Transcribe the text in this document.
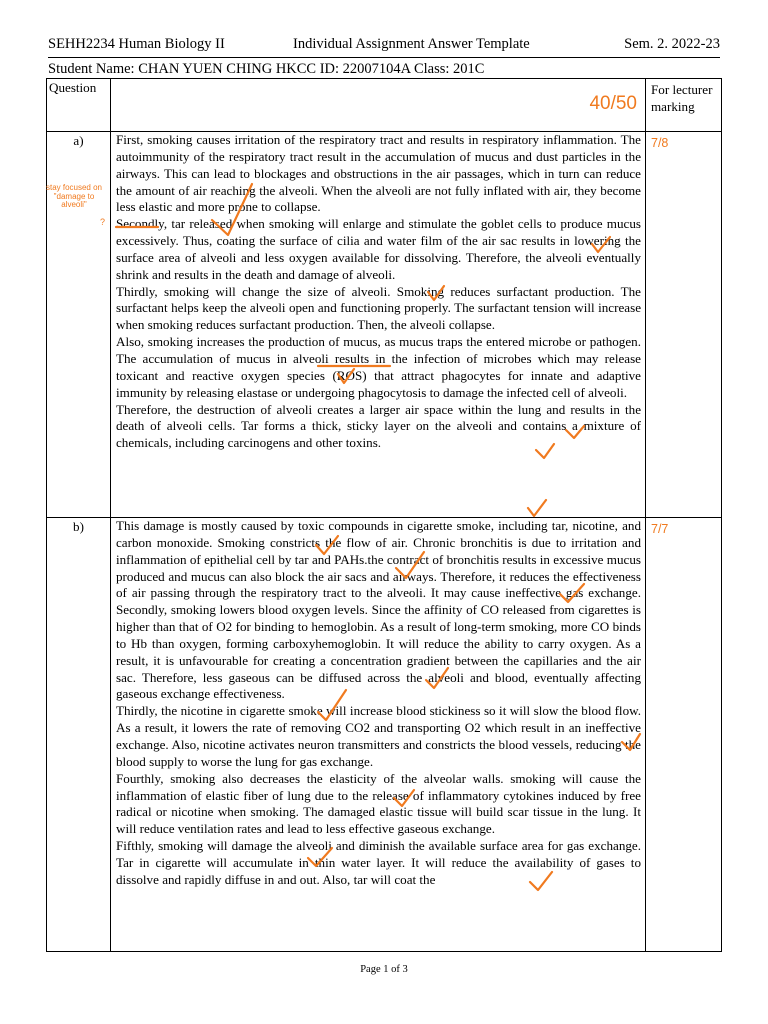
SEHH2234 Human Biology II	Individual Assignment Answer Template	Sem. 2. 2022-23
Student Name: CHAN YUEN CHING HKCC ID: 22007104A Class: 201C
Question	40/50	For lecturer marking
a)	First, smoking causes irritation of the respiratory tract and results in respiratory inflammation. The autoimmunity of the respiratory tract result in the accumulation of mucus and dust particles in the airways. This can lead to blockages and obstructions in the air passages, which in turn can reduce the amount of air reaching the alveoli. When the alveoli are not fully inflated with air, they become less elastic and more prone to collapse.

Secondly, tar released when smoking will enlarge and stimulate the goblet cells to produce mucus excessively. Thus, coating the surface of cilia and water film of the air sac results in lowering the surface area of alveoli and less oxygen available for dissolving. Therefore, the alveoli eventually shrink and results in the death and damage of alveoli.

Thirdly, smoking will change the size of alveoli. Smoking reduces surfactant production. The surfactant helps keep the alveoli open and functioning properly. The surfactant tension will increase when smoking reduces surfactant production. Then, the alveoli collapse.

Also, smoking increases the production of mucus, as mucus traps the entered microbe or pathogen. The accumulation of mucus in alveoli results in the infection of microbes which may release toxicant and reactive oxygen species (ROS) that attract phagocytes for innate and adaptive immunity by releasing elastase or undergoing phagocytosis to damage the infected cell of alveoli.

Therefore, the destruction of alveoli creates a larger air space within the lung and results in the death of alveoli cells. Tar forms a thick, sticky layer on the alveoli and contains a mixture of chemicals, including carcinogens and other toxins.	7/8

b)	This damage is mostly caused by toxic compounds in cigarette smoke, including tar, nicotine, and carbon monoxide. Smoking constricts the flow of air. Chronic bronchitis is due to irritation and inflammation of epithelial cell by tar and PAHs.the contract of bronchitis results in excessive mucus produced and mucus can also block the air sacs and airways. Therefore, it reduces the effectiveness of air passing through the respiratory tract to the alveoli. It may cause ineffective gas exchange. Secondly, smoking lowers blood oxygen levels. Since the affinity of CO released from cigarettes is higher than that of O2 for binding to hemoglobin. As a result of long-term smoking, more CO binds to Hb than oxygen, forming carboxyhemoglobin. It will reduce the ability to carry oxygen. As a result, it is unfavourable for creating a concentration gradient between the capillaries and the air sac. Therefore, less gaseous can be diffused across the alveoli and blood, eventually affecting gaseous exchange effectiveness.

Thirdly, the nicotine in cigarette smoke will increase blood stickiness so it will slow the blood flow. As a result, it lowers the rate of removing CO2 and transporting O2 which result in an ineffective exchange. Also, nicotine activates neuron transmitters and constricts the blood vessels, reducing the blood supply to worse the lung for gas exchange.

Fourthly, smoking also decreases the elasticity of the alveolar walls. smoking will cause the inflammation of elastic fiber of lung due to the release of inflammatory cytokines induced by free radical or nicotine when smoking. The damaged elastic tissue will build scar tissue in the lung. It will reduce ventilation rates and lead to less effective gaseous exchange.

Fifthly, smoking will damage the alveoli and diminish the available surface area for gas exchange. Tar in cigarette will accumulate in thin water layer. It will reduce the availability of gases to dissolve and rapidly diffuse in and out. Also, tar will coat the	7/7
stay focused on "damage to alveoli"
?
Page 1 of 3
